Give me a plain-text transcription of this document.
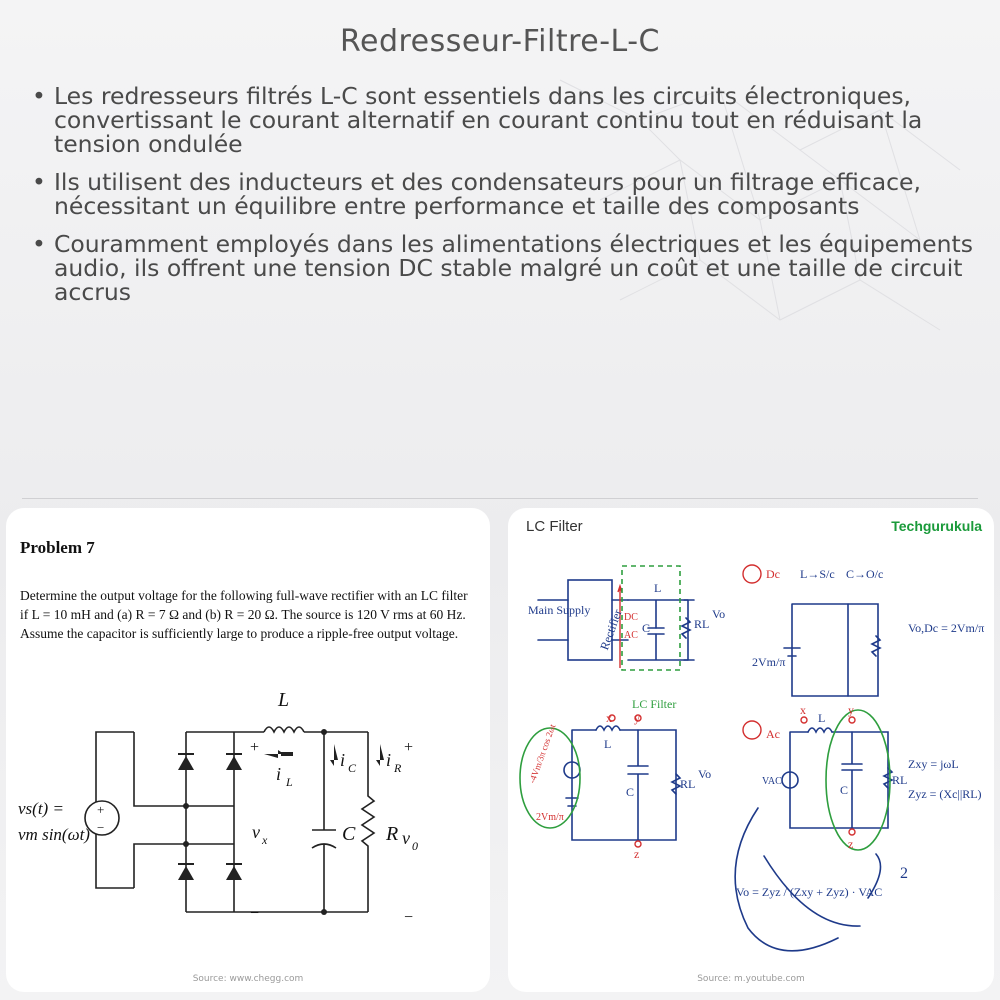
Redresseur-Filtre-L-C
• Les redresseurs filtrés L-C sont essentiels dans les circuits électroniques, convertissant le courant alternatif en courant continu tout en réduisant la tension ondulée
• Ils utilisent des inducteurs et des condensateurs pour un filtrage efficace, nécessitant un équilibre entre performance et taille des composants
• Couramment employés dans les alimentations électriques et les équipements audio, ils offrent une tension DC stable malgré un coût et une taille de circuit accrus
Problem 7
Determine the output voltage for the following full-wave rectifier with an LC filter if L = 10 mH and (a) R = 7 Ω and (b) R = 20 Ω. The source is 120 V rms at 60 Hz. Assume the capacitor is sufficiently large to produce a ripple-free output voltage.
L
i L
i C i R
C R
v x	v 0
+
−
+
−
+
−
vs(t) =
vm sin(ωt)
Source: www.chegg.com
LC Filter	Techgurukula
Main Supply Rectifier DC
AC
L
C	RL
Vo
Dc L→S/c C→O/c
Vo,Dc = 2Vm/π
2Vm/π
LC Filter
x y
z
-4Vm/3π cos 2ωt
2Vm/π
L
C
RL
Vo
Ac
x	y
z
L
VAC
C
RL
Zxy = jωL
Zyz = (Xc||RL)
Vo = Zyz / (Zxy + Zyz) · VAC
2
Source: m.youtube.com
